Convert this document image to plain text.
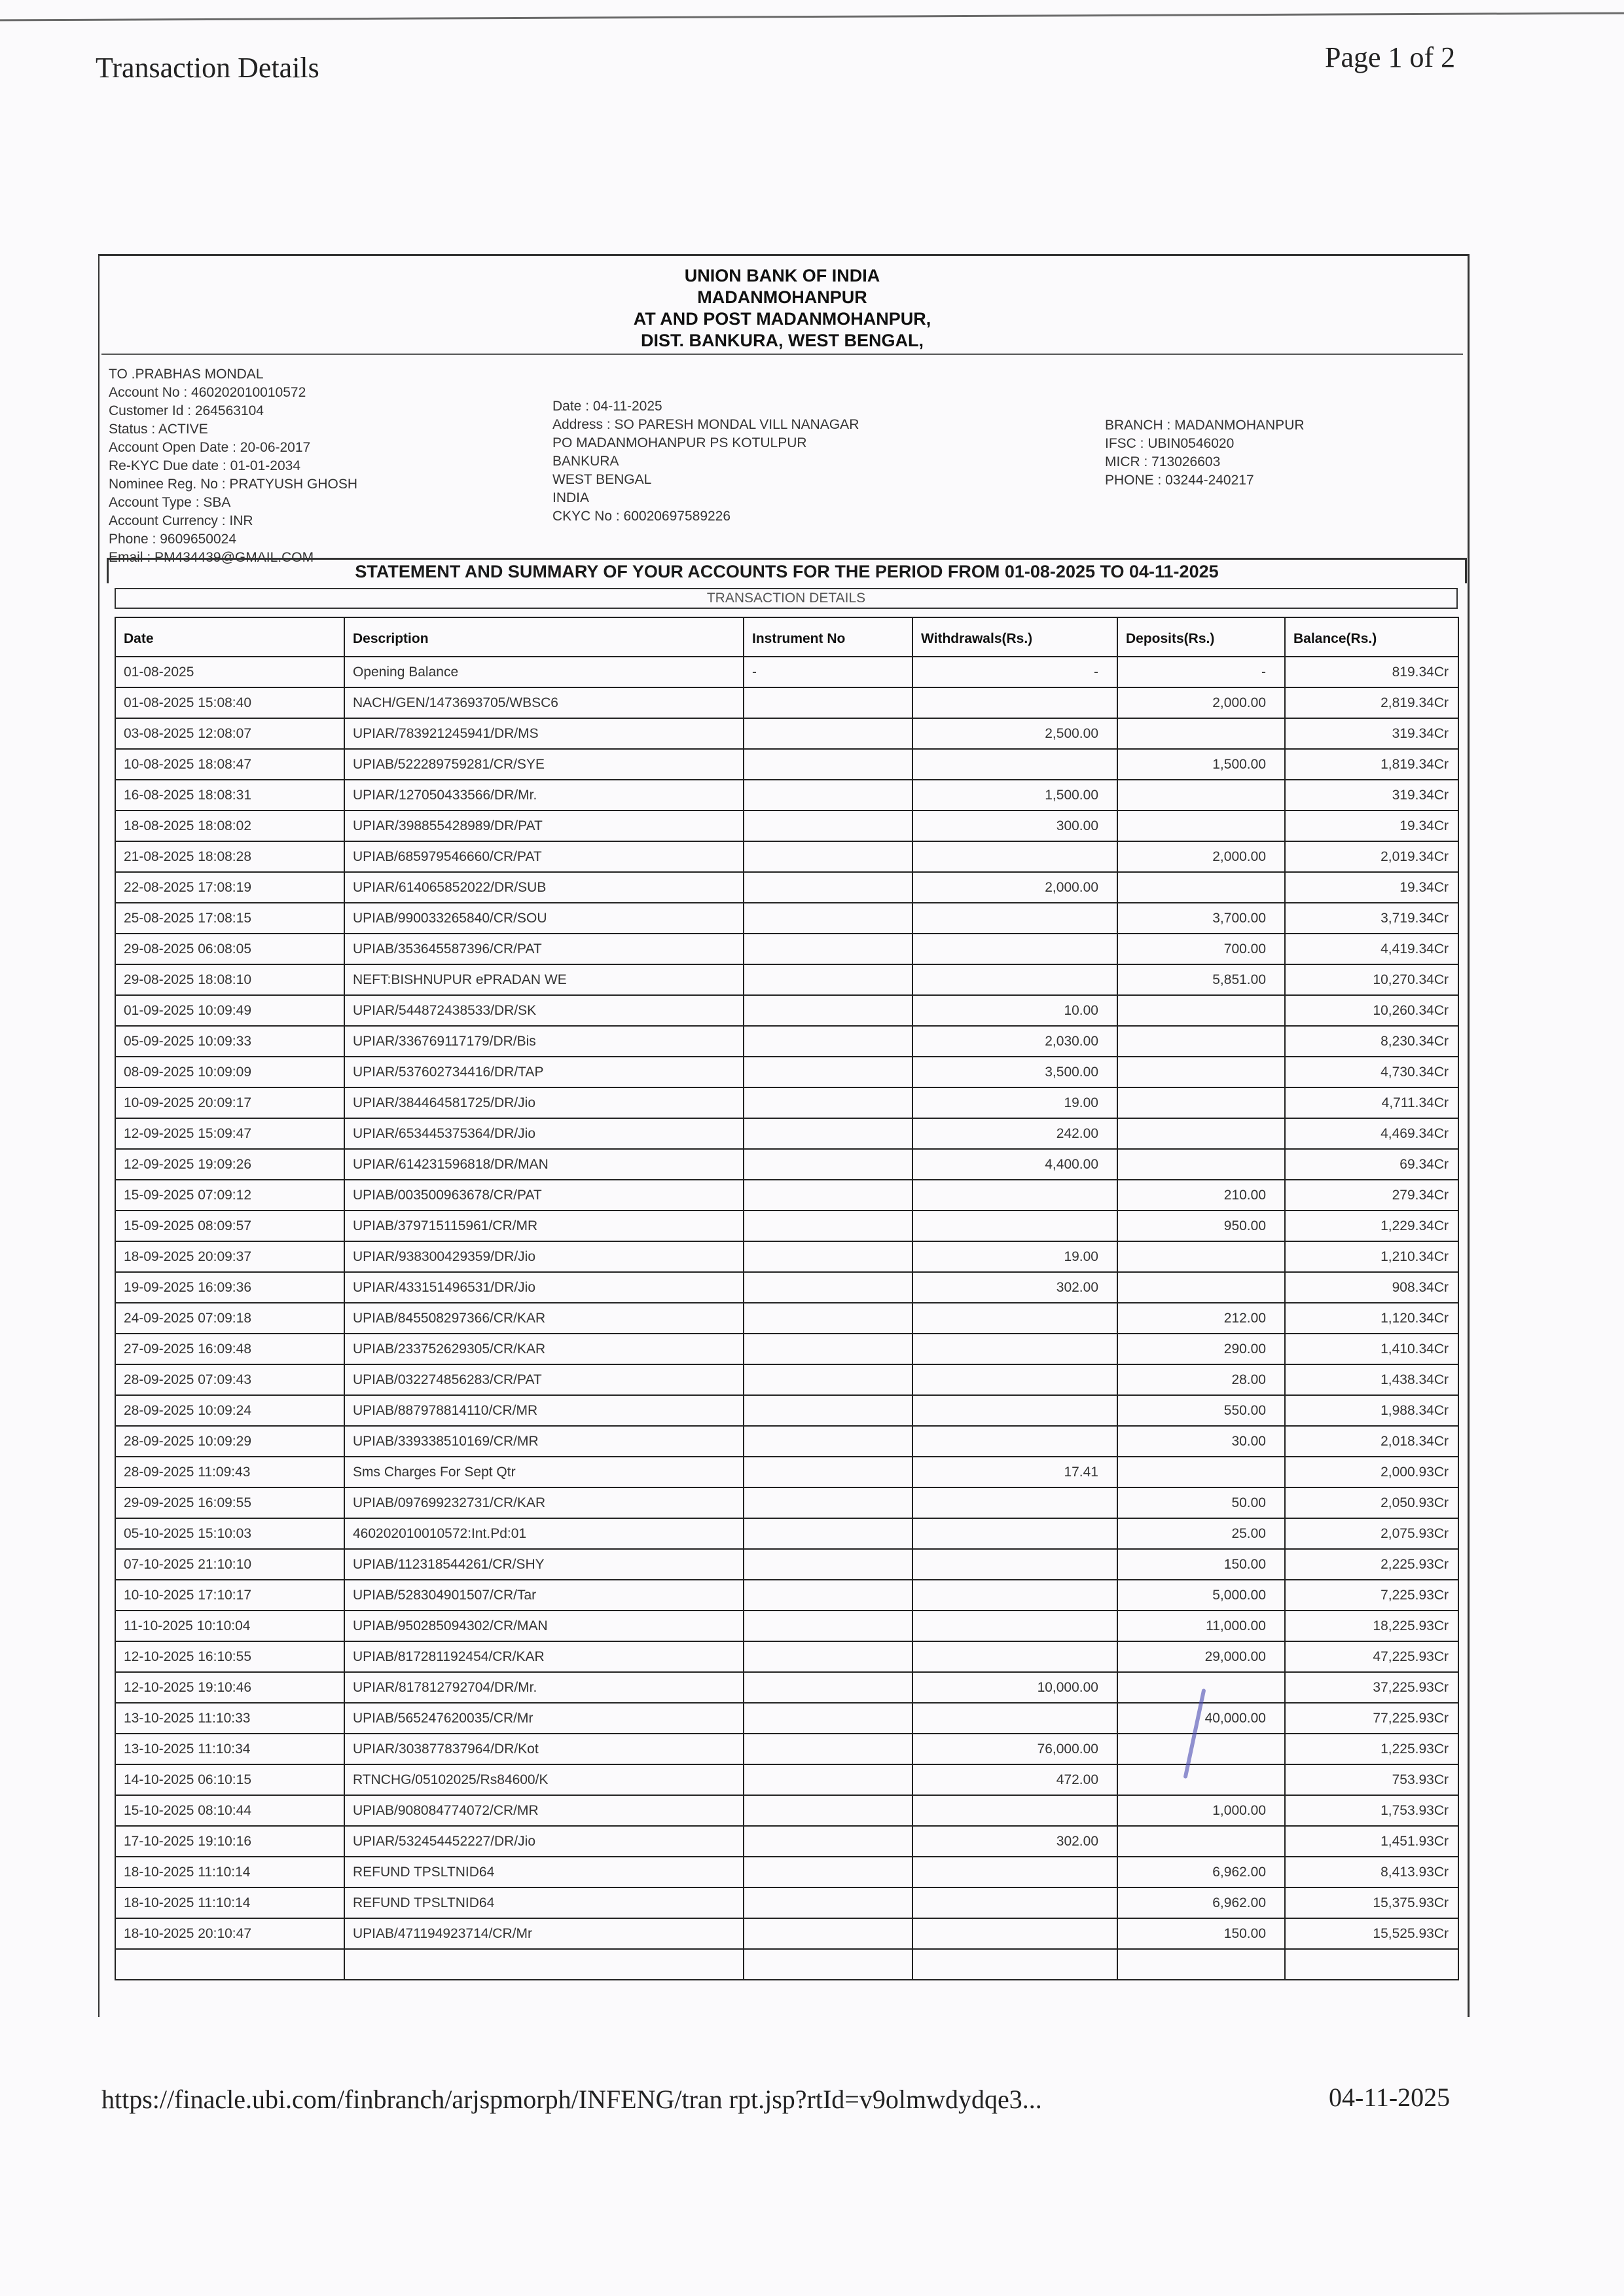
Transaction Details	Page 1 of 2
UNION BANK OF INDIA
MADANMOHANPUR
AT AND POST MADANMOHANPUR,
DIST. BANKURA, WEST BENGAL,
TO .PRABHAS MONDAL
Account No : 460202010010572
Customer Id : 264563104
Status : ACTIVE
Account Open Date : 20-06-2017
Re-KYC Due date : 01-01-2034
Nominee Reg. No : PRATYUSH GHOSH
Account Type : SBA
Account Currency : INR
Phone : 9609650024
Email : PM434439@GMAIL.COM
Date : 04-11-2025
Address : SO PARESH MONDAL VILL NANAGAR
PO MADANMOHANPUR PS KOTULPUR
BANKURA
WEST BENGAL
INDIA
CKYC No : 60020697589226
BRANCH : MADANMOHANPUR
IFSC : UBIN0546020
MICR : 713026603
PHONE : 03244-240217
STATEMENT AND SUMMARY OF YOUR ACCOUNTS FOR THE PERIOD FROM 01-08-2025 TO 04-11-2025
TRANSACTION DETAILS
Date	Description	Instrument No	Withdrawals(Rs.)	Deposits(Rs.)	Balance(Rs.)
01-08-2025	Opening Balance	-	-	-	819.34Cr
01-08-2025 15:08:40	NACH/GEN/1473693705/WBSC6			2,000.00	2,819.34Cr
03-08-2025 12:08:07	UPIAR/783921245941/DR/MS		2,500.00		319.34Cr
10-08-2025 18:08:47	UPIAB/522289759281/CR/SYE			1,500.00	1,819.34Cr
16-08-2025 18:08:31	UPIAR/127050433566/DR/Mr.		1,500.00		319.34Cr
18-08-2025 18:08:02	UPIAR/398855428989/DR/PAT		300.00		19.34Cr
21-08-2025 18:08:28	UPIAB/685979546660/CR/PAT			2,000.00	2,019.34Cr
22-08-2025 17:08:19	UPIAR/614065852022/DR/SUB		2,000.00		19.34Cr
25-08-2025 17:08:15	UPIAB/990033265840/CR/SOU			3,700.00	3,719.34Cr
29-08-2025 06:08:05	UPIAB/353645587396/CR/PAT			700.00	4,419.34Cr
29-08-2025 18:08:10	NEFT:BISHNUPUR ePRADAN WE			5,851.00	10,270.34Cr
01-09-2025 10:09:49	UPIAR/544872438533/DR/SK		10.00		10,260.34Cr
05-09-2025 10:09:33	UPIAR/336769117179/DR/Bis		2,030.00		8,230.34Cr
08-09-2025 10:09:09	UPIAR/537602734416/DR/TAP		3,500.00		4,730.34Cr
10-09-2025 20:09:17	UPIAR/384464581725/DR/Jio		19.00		4,711.34Cr
12-09-2025 15:09:47	UPIAR/653445375364/DR/Jio		242.00		4,469.34Cr
12-09-2025 19:09:26	UPIAR/614231596818/DR/MAN		4,400.00		69.34Cr
15-09-2025 07:09:12	UPIAB/003500963678/CR/PAT			210.00	279.34Cr
15-09-2025 08:09:57	UPIAB/379715115961/CR/MR			950.00	1,229.34Cr
18-09-2025 20:09:37	UPIAR/938300429359/DR/Jio		19.00		1,210.34Cr
19-09-2025 16:09:36	UPIAR/433151496531/DR/Jio		302.00		908.34Cr
24-09-2025 07:09:18	UPIAB/845508297366/CR/KAR			212.00	1,120.34Cr
27-09-2025 16:09:48	UPIAB/233752629305/CR/KAR			290.00	1,410.34Cr
28-09-2025 07:09:43	UPIAB/032274856283/CR/PAT			28.00	1,438.34Cr
28-09-2025 10:09:24	UPIAB/887978814110/CR/MR			550.00	1,988.34Cr
28-09-2025 10:09:29	UPIAB/339338510169/CR/MR			30.00	2,018.34Cr
28-09-2025 11:09:43	Sms Charges For Sept Qtr		17.41		2,000.93Cr
29-09-2025 16:09:55	UPIAB/097699232731/CR/KAR			50.00	2,050.93Cr
05-10-2025 15:10:03	460202010010572:Int.Pd:01			25.00	2,075.93Cr
07-10-2025 21:10:10	UPIAB/112318544261/CR/SHY			150.00	2,225.93Cr
10-10-2025 17:10:17	UPIAB/528304901507/CR/Tar			5,000.00	7,225.93Cr
11-10-2025 10:10:04	UPIAB/950285094302/CR/MAN			11,000.00	18,225.93Cr
12-10-2025 16:10:55	UPIAB/817281192454/CR/KAR			29,000.00	47,225.93Cr
12-10-2025 19:10:46	UPIAR/817812792704/DR/Mr.		10,000.00		37,225.93Cr
13-10-2025 11:10:33	UPIAB/565247620035/CR/Mr			40,000.00	77,225.93Cr
13-10-2025 11:10:34	UPIAR/303877837964/DR/Kot		76,000.00		1,225.93Cr
14-10-2025 06:10:15	RTNCHG/05102025/Rs84600/K		472.00		753.93Cr
15-10-2025 08:10:44	UPIAB/908084774072/CR/MR			1,000.00	1,753.93Cr
17-10-2025 19:10:16	UPIAR/532454452227/DR/Jio		302.00		1,451.93Cr
18-10-2025 11:10:14	REFUND TPSLTNID64			6,962.00	8,413.93Cr
18-10-2025 11:10:14	REFUND TPSLTNID64			6,962.00	15,375.93Cr
18-10-2025 20:10:47	UPIAB/471194923714/CR/Mr			150.00	15,525.93Cr

https://finacle.ubi.com/finbranch/arjspmorph/INFENG/tran rpt.jsp?rtId=v9olmwdydqe3...	04-11-2025
